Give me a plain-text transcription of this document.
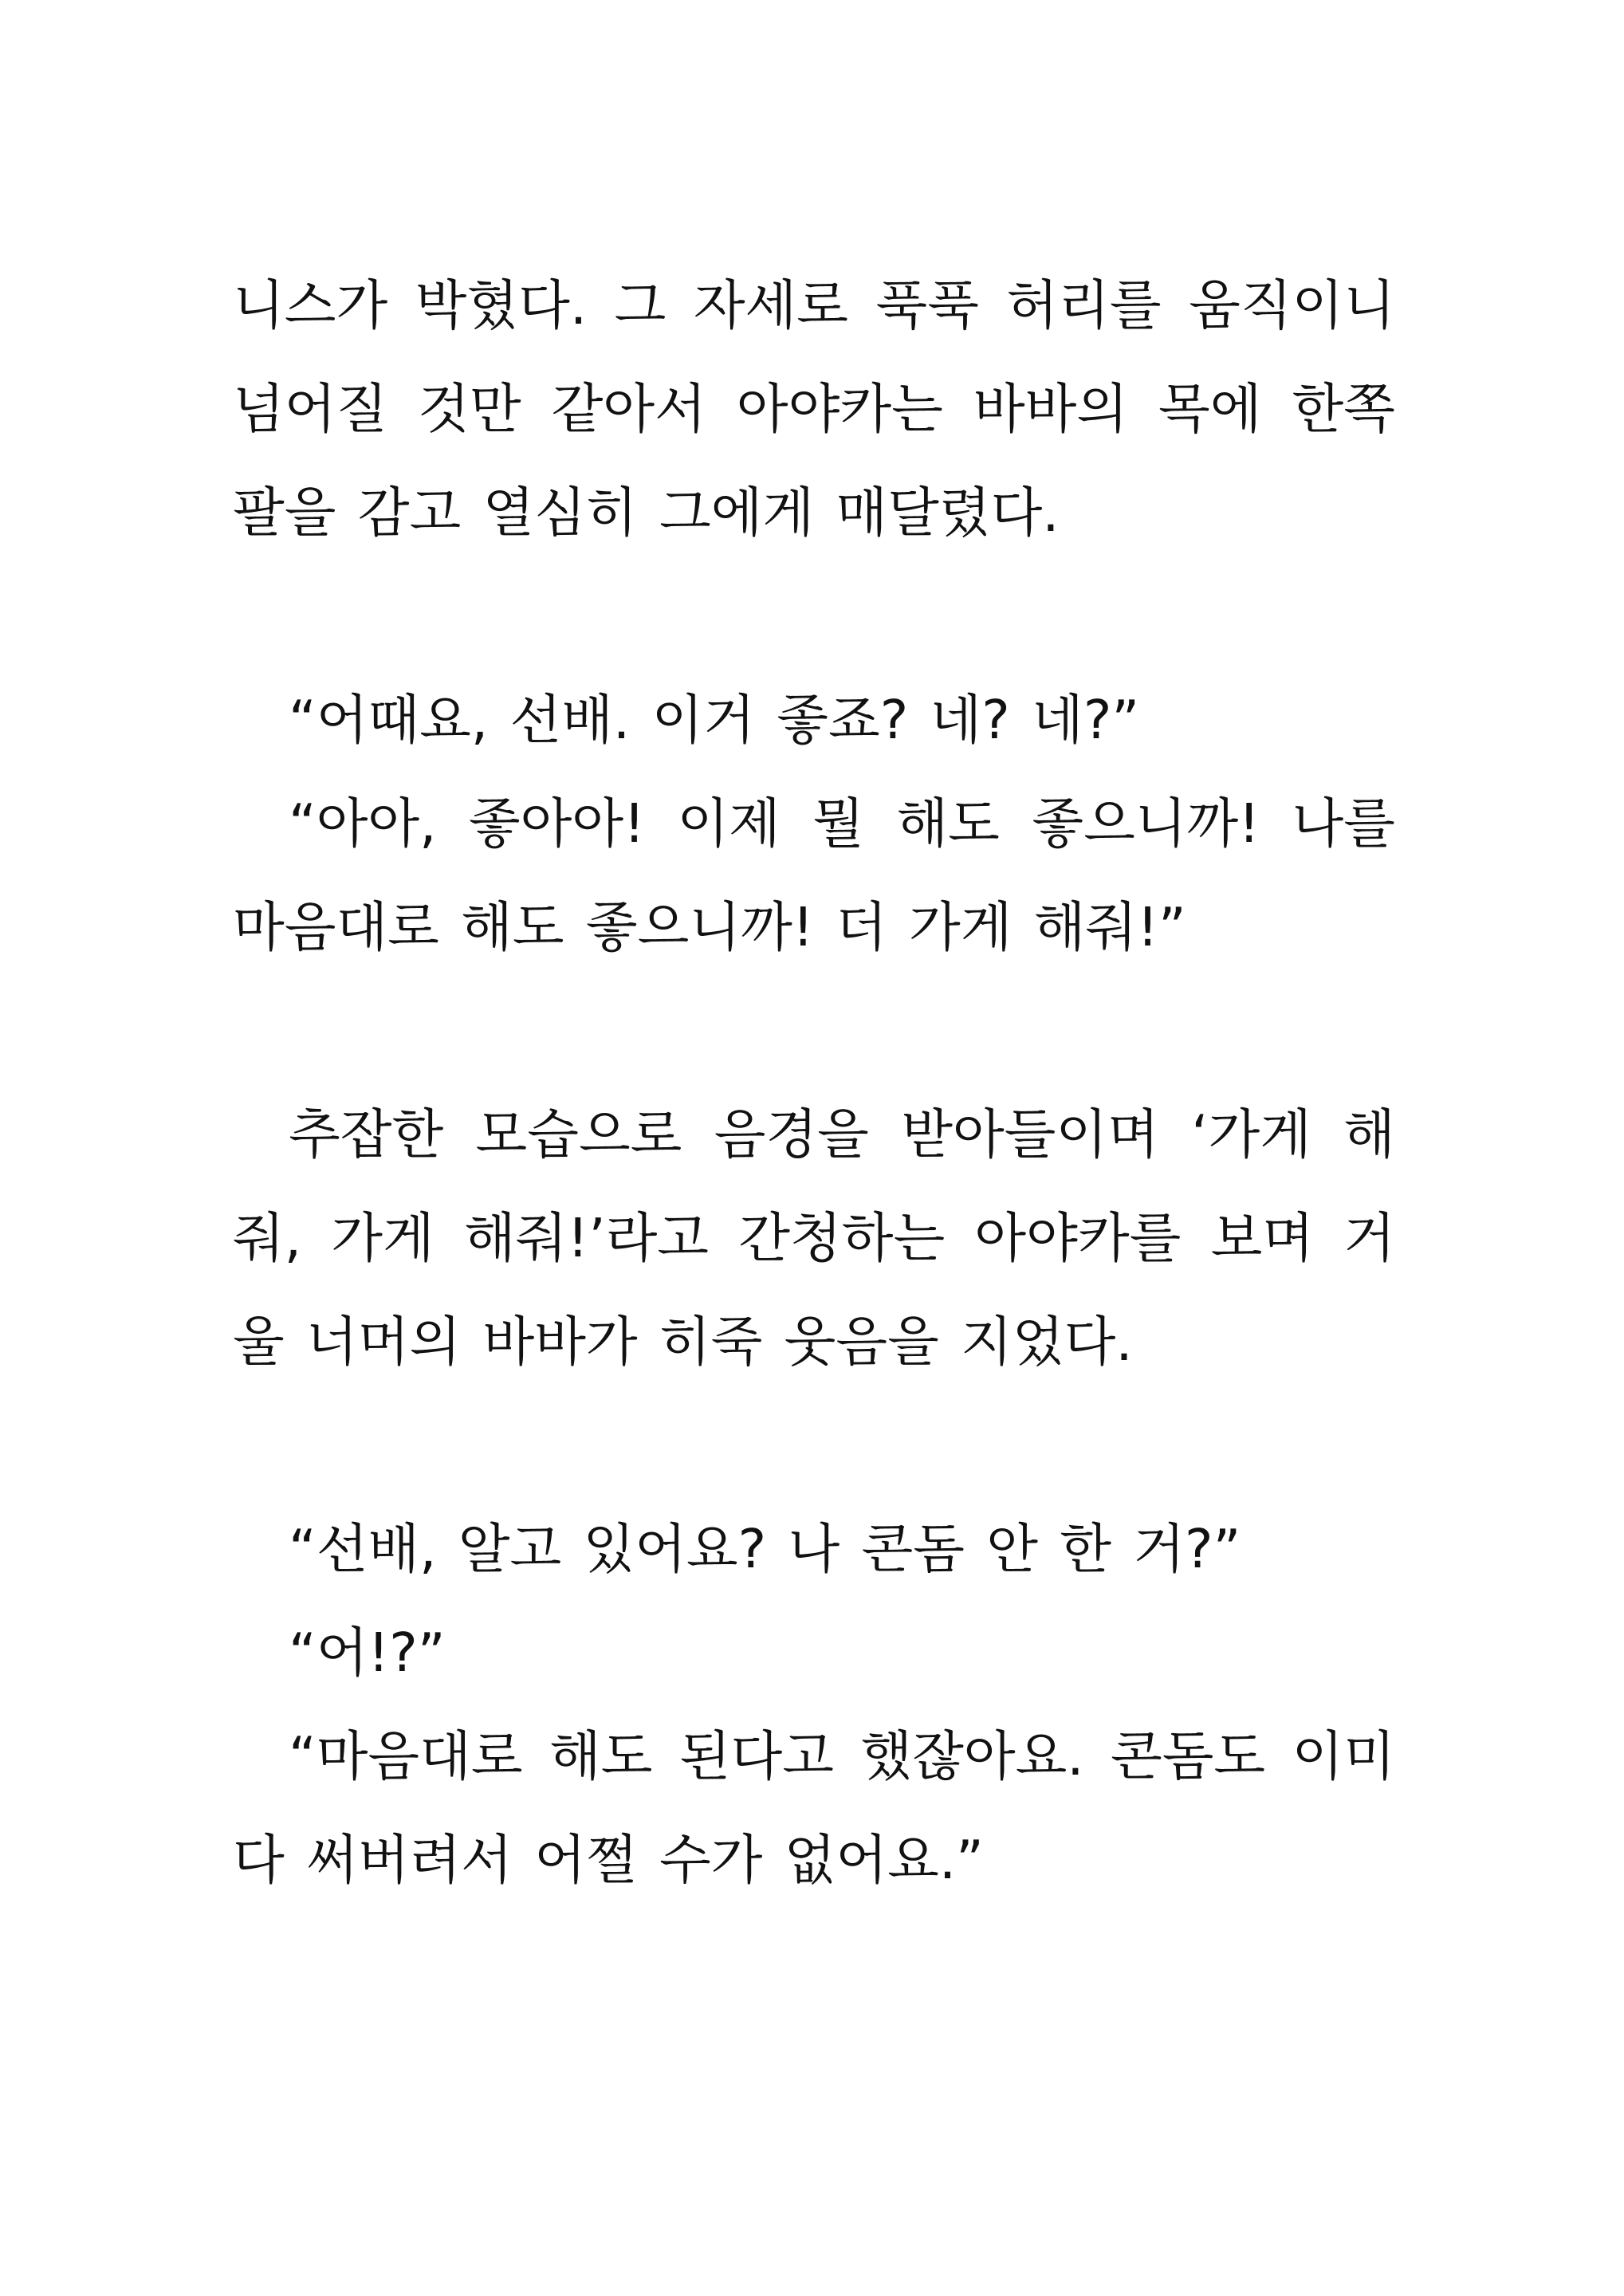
니스가 박혔다. 그 자세로 푹푹 허리를 움직이니 넘어질 것만 같아서 아야카는 바바의 목에 한쪽 팔을 감고 열심히 그에게 매달렸다.

“어때요, 선배. 이거 좋죠? 네? 네?”

“아아, 좋아아! 이제 뭘 해도 좋으니까! 나를 마음대로 해도 좋으니까! 더 가게 해줘!”

추잡한 모습으로 음경을 받아들이며 ‘가게 해줘, 가게 해줘!’라고 간청하는 아야카를 보며 거울 너머의 바바가 히죽 웃음을 지었다.

“선배, 알고 있어요? 나 콘돔 안 한 거?”

“어!?”

“마음대로 해도 된다고 했잖아요. 콘돔도 이미 다 써버려서 어쩔 수가 없어요.”
